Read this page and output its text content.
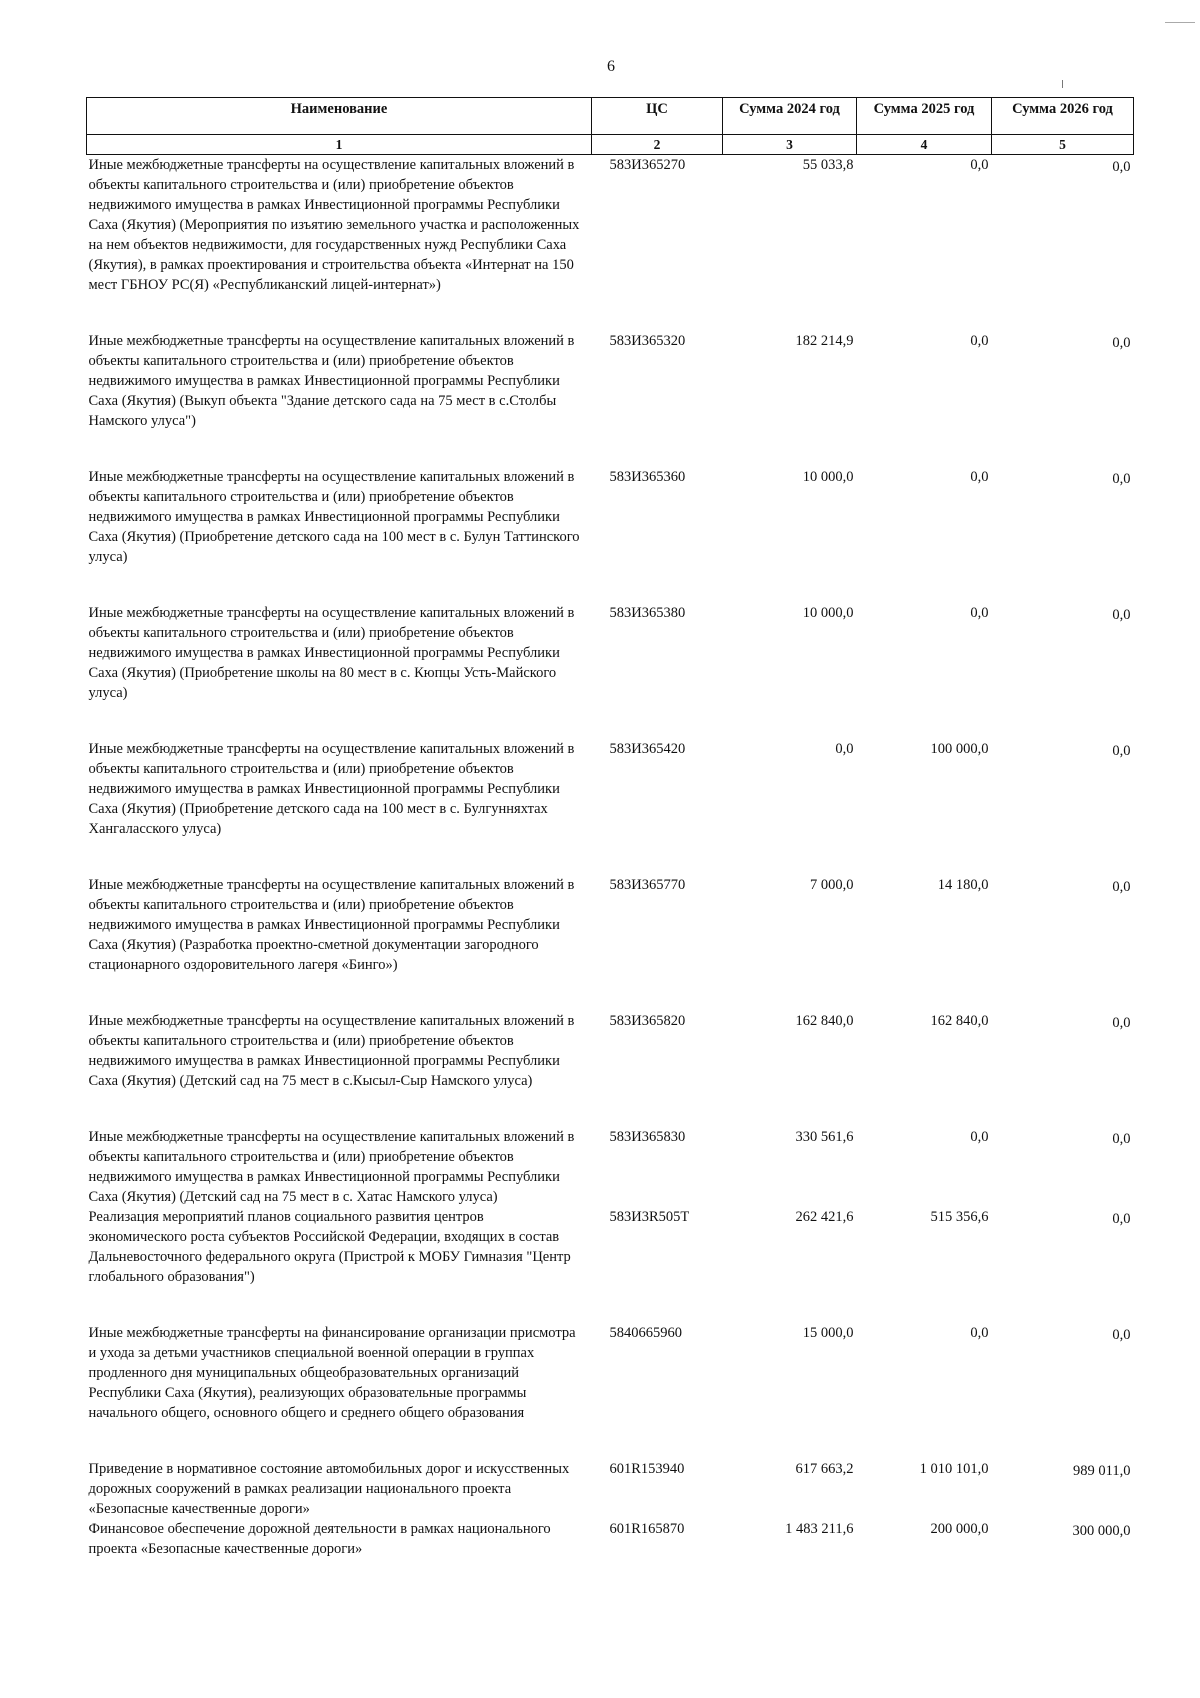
6
Наименование	ЦС	Сумма 2024 год	Сумма 2025 год	Сумма 2026 год
1	2	3	4	5
Иные межбюджетные трансферты на осуществление капитальных вложений в объекты капитального строительства и (или) приобретение объектов недвижимого имущества в рамках Инвестиционной программы Республики Саха (Якутия) (Мероприятия по изъятию земельного участка и расположенных на нем объектов недвижимости, для государственных нужд Республики Саха (Якутия), в рамках проектирования и строительства объекта «Интернат на 150 мест ГБНОУ РС(Я) «Республиканский лицей-интернат»)	583И365270	55 033,8	0,0	0,0
Иные межбюджетные трансферты на осуществление капитальных вложений в объекты капитального строительства и (или) приобретение объектов недвижимого имущества в рамках Инвестиционной программы Республики Саха (Якутия) (Выкуп объекта "Здание детского сада на 75 мест в с.Столбы Намского улуса")	583И365320	182 214,9	0,0	0,0
Иные межбюджетные трансферты на осуществление капитальных вложений в объекты капитального строительства и (или) приобретение объектов недвижимого имущества в рамках Инвестиционной программы Республики Саха (Якутия) (Приобретение детского сада на 100 мест в с. Булун Таттинского улуса)	583И365360	10 000,0	0,0	0,0
Иные межбюджетные трансферты на осуществление капитальных вложений в объекты капитального строительства и (или) приобретение объектов недвижимого имущества в рамках Инвестиционной программы Республики Саха (Якутия) (Приобретение школы на 80 мест в с. Кюпцы Усть-Майского улуса)	583И365380	10 000,0	0,0	0,0
Иные межбюджетные трансферты на осуществление капитальных вложений в объекты капитального строительства и (или) приобретение объектов недвижимого имущества в рамках Инвестиционной программы Республики Саха (Якутия) (Приобретение детского сада на 100 мест в с. Булгунняхтах Хангаласского улуса)	583И365420	0,0	100 000,0	0,0
Иные межбюджетные трансферты на осуществление капитальных вложений в объекты капитального строительства и (или) приобретение объектов недвижимого имущества в рамках Инвестиционной программы Республики Саха (Якутия) (Разработка проектно-сметной документации загородного стационарного оздоровительного лагеря «Бинго»)	583И365770	7 000,0	14 180,0	0,0
Иные межбюджетные трансферты на осуществление капитальных вложений в объекты капитального строительства и (или) приобретение объектов недвижимого имущества в рамках Инвестиционной программы Республики Саха (Якутия) (Детский сад на 75 мест в с.Кысыл-Сыр Намского улуса)	583И365820	162 840,0	162 840,0	0,0
Иные межбюджетные трансферты на осуществление капитальных вложений в объекты капитального строительства и (или) приобретение объектов недвижимого имущества в рамках Инвестиционной программы Республики Саха (Якутия) (Детский сад на 75 мест в с. Хатас Намского улуса)	583И365830	330 561,6	0,0	0,0
Реализация мероприятий планов социального развития центров экономического роста субъектов Российской Федерации, входящих в состав Дальневосточного федерального округа (Пристрой к МОБУ Гимназия "Центр глобального образования")	583И3R505Т	262 421,6	515 356,6	0,0
Иные межбюджетные трансферты на финансирование организации присмотра и ухода за детьми участников специальной военной операции в группах продленного дня муниципальных общеобразовательных организаций Республики Саха (Якутия), реализующих образовательные программы начального общего, основного общего и среднего общего образования	5840665960	15 000,0	0,0	0,0
Приведение в нормативное состояние автомобильных дорог и искусственных дорожных сооружений в рамках реализации национального проекта «Безопасные качественные дороги»	601R153940	617 663,2	1 010 101,0	989 011,0
Финансовое обеспечение дорожной деятельности в рамках национального проекта «Безопасные качественные дороги»	601R165870	1 483 211,6	200 000,0	300 000,0
